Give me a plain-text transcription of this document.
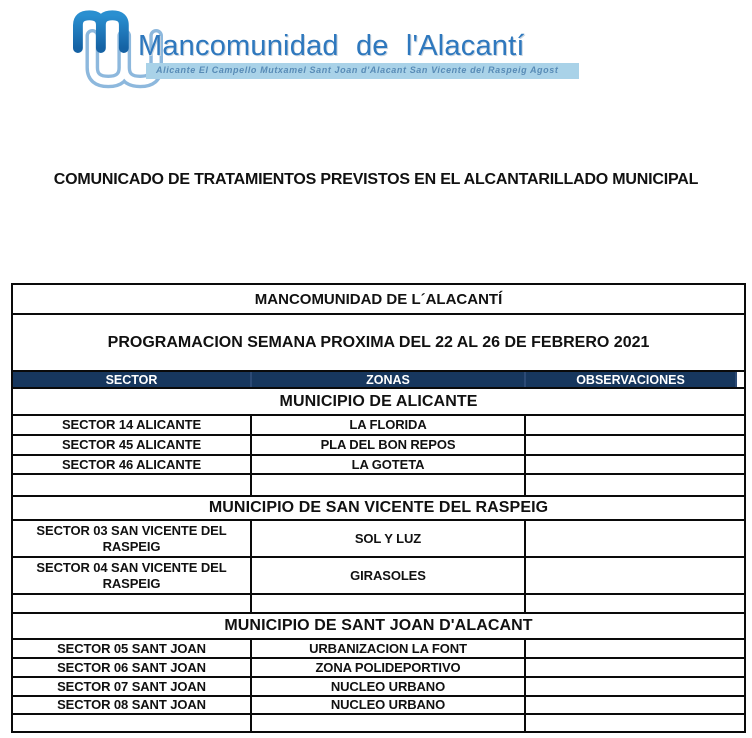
Mancomunidad de l'Alacantí
Alicante El Campello Mutxamel Sant Joan d'Alacant San Vicente del Raspeig Agost
COMUNICADO DE TRATAMIENTOS PREVISTOS EN EL ALCANTARILLADO MUNICIPAL
MANCOMUNIDAD DE L´ALACANTÍ			
PROGRAMACION SEMANA PROXIMA DEL 22 AL 26 DE FEBRERO 2021			
SECTOR	ZONAS	OBSERVACIONES	
MUNICIPIO DE ALICANTE			
SECTOR 14 ALICANTE	LA FLORIDA		
SECTOR 45 ALICANTE	PLA DEL BON REPOS		
SECTOR 46 ALICANTE	LA GOTETA		

MUNICIPIO DE SAN VICENTE DEL RASPEIG			
SECTOR 03 SAN VICENTE DEL RASPEIG	SOL Y LUZ		
SECTOR 04 SAN VICENTE DEL RASPEIG	GIRASOLES		

MUNICIPIO DE SANT JOAN D'ALACANT			
SECTOR 05 SANT JOAN	URBANIZACION LA FONT		
SECTOR 06 SANT JOAN	ZONA POLIDEPORTIVO		
SECTOR 07 SANT JOAN	NUCLEO URBANO		
SECTOR 08 SANT JOAN	NUCLEO URBANO		
